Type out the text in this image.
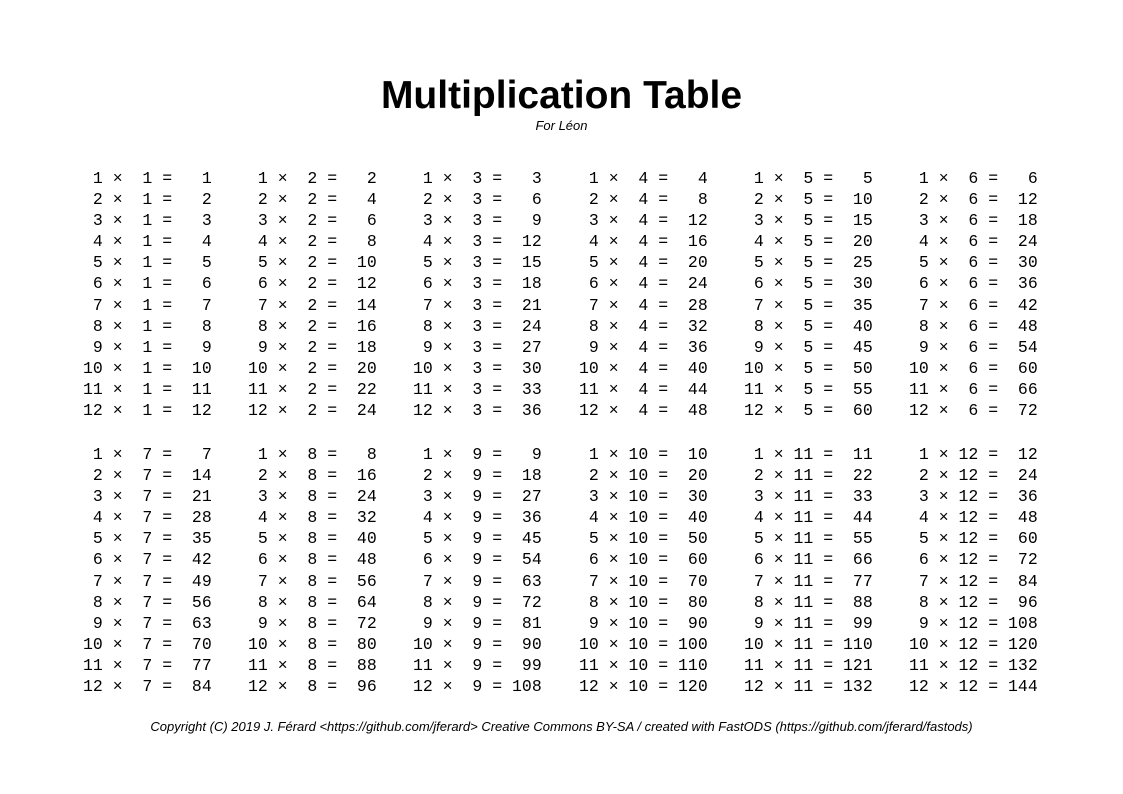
Multiplication Table
For Léon
1 ×  1 =   1
2 ×  1 =   2
3 ×  1 =   3
4 ×  1 =   4
5 ×  1 =   5
6 ×  1 =   6
7 ×  1 =   7
8 ×  1 =   8
9 ×  1 =   9
10 ×  1 =  10
11 ×  1 =  11
12 ×  1 =  12
1 ×  2 =   2
2 ×  2 =   4
3 ×  2 =   6
4 ×  2 =   8
5 ×  2 =  10
6 ×  2 =  12
7 ×  2 =  14
8 ×  2 =  16
9 ×  2 =  18
10 ×  2 =  20
11 ×  2 =  22
12 ×  2 =  24
1 ×  3 =   3
2 ×  3 =   6
3 ×  3 =   9
4 ×  3 =  12
5 ×  3 =  15
6 ×  3 =  18
7 ×  3 =  21
8 ×  3 =  24
9 ×  3 =  27
10 ×  3 =  30
11 ×  3 =  33
12 ×  3 =  36
1 ×  4 =   4
2 ×  4 =   8
3 ×  4 =  12
4 ×  4 =  16
5 ×  4 =  20
6 ×  4 =  24
7 ×  4 =  28
8 ×  4 =  32
9 ×  4 =  36
10 ×  4 =  40
11 ×  4 =  44
12 ×  4 =  48
1 ×  5 =   5
2 ×  5 =  10
3 ×  5 =  15
4 ×  5 =  20
5 ×  5 =  25
6 ×  5 =  30
7 ×  5 =  35
8 ×  5 =  40
9 ×  5 =  45
10 ×  5 =  50
11 ×  5 =  55
12 ×  5 =  60
1 ×  6 =   6
2 ×  6 =  12
3 ×  6 =  18
4 ×  6 =  24
5 ×  6 =  30
6 ×  6 =  36
7 ×  6 =  42
8 ×  6 =  48
9 ×  6 =  54
10 ×  6 =  60
11 ×  6 =  66
12 ×  6 =  72
1 ×  7 =   7
2 ×  7 =  14
3 ×  7 =  21
4 ×  7 =  28
5 ×  7 =  35
6 ×  7 =  42
7 ×  7 =  49
8 ×  7 =  56
9 ×  7 =  63
10 ×  7 =  70
11 ×  7 =  77
12 ×  7 =  84
1 ×  8 =   8
2 ×  8 =  16
3 ×  8 =  24
4 ×  8 =  32
5 ×  8 =  40
6 ×  8 =  48
7 ×  8 =  56
8 ×  8 =  64
9 ×  8 =  72
10 ×  8 =  80
11 ×  8 =  88
12 ×  8 =  96
1 ×  9 =   9
2 ×  9 =  18
3 ×  9 =  27
4 ×  9 =  36
5 ×  9 =  45
6 ×  9 =  54
7 ×  9 =  63
8 ×  9 =  72
9 ×  9 =  81
10 ×  9 =  90
11 ×  9 =  99
12 ×  9 = 108
1 × 10 =  10
2 × 10 =  20
3 × 10 =  30
4 × 10 =  40
5 × 10 =  50
6 × 10 =  60
7 × 10 =  70
8 × 10 =  80
9 × 10 =  90
10 × 10 = 100
11 × 10 = 110
12 × 10 = 120
1 × 11 =  11
2 × 11 =  22
3 × 11 =  33
4 × 11 =  44
5 × 11 =  55
6 × 11 =  66
7 × 11 =  77
8 × 11 =  88
9 × 11 =  99
10 × 11 = 110
11 × 11 = 121
12 × 11 = 132
1 × 12 =  12
2 × 12 =  24
3 × 12 =  36
4 × 12 =  48
5 × 12 =  60
6 × 12 =  72
7 × 12 =  84
8 × 12 =  96
9 × 12 = 108
10 × 12 = 120
11 × 12 = 132
12 × 12 = 144
Copyright (C) 2019 J. Férard <https://github.com/jferard> Creative Commons BY-SA / created with FastODS (https://github.com/jferard/fastods)
